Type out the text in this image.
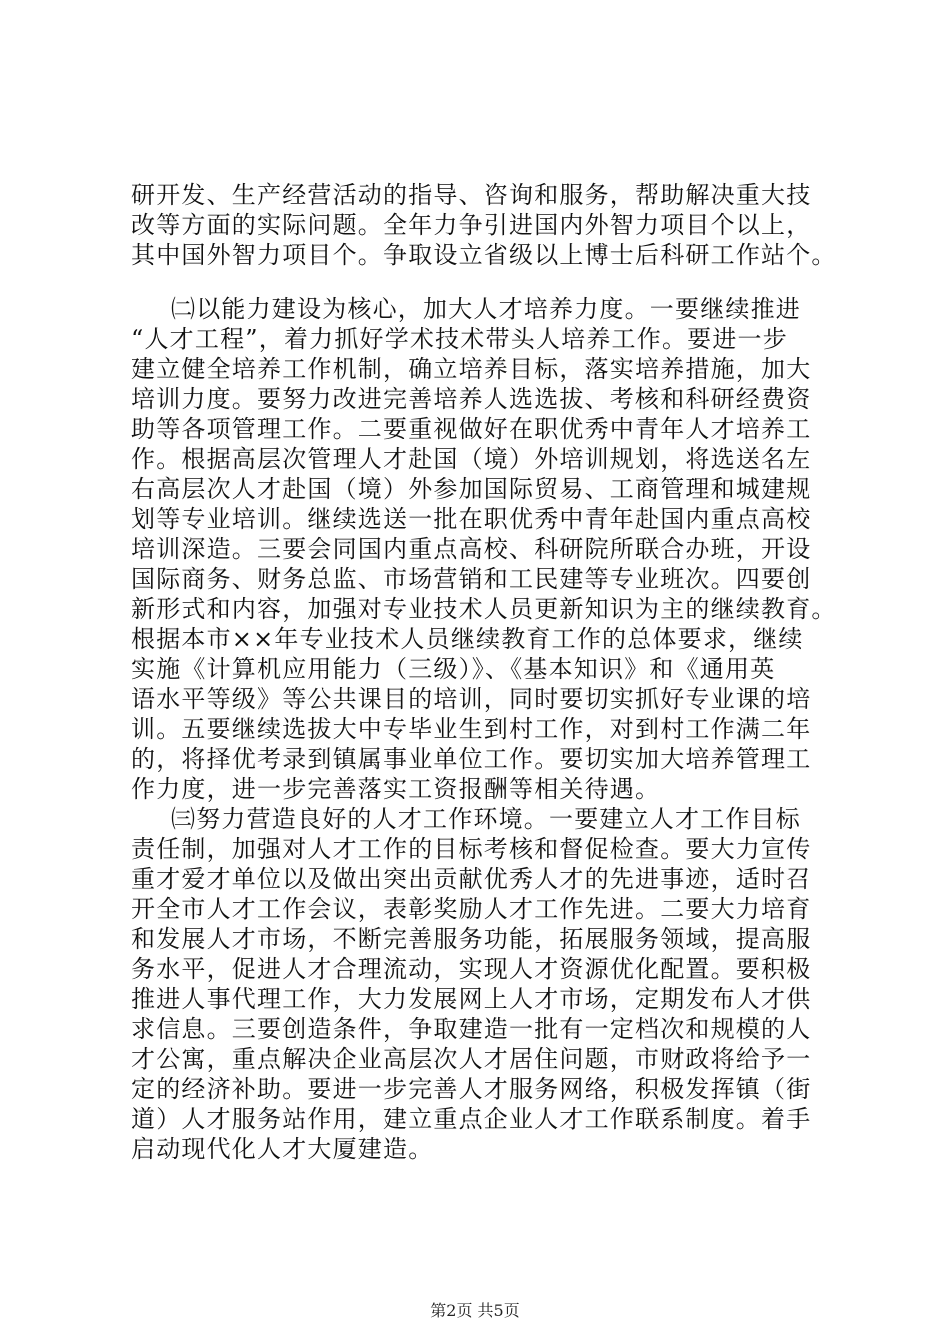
研开发、生产经营活动的指导、咨询和服务，帮助解决重大技
改等方面的实际问题。全年力争引进国内外智力项目个以上，
其中国外智力项目个。争取设立省级以上博士后科研工作站个。
㈡以能力建设为核心，加大人才培养力度。一要继续推进
“人才工程”，着力抓好学术技术带头人培养工作。要进一步
建立健全培养工作机制，确立培养目标，落实培养措施，加大
培训力度。要努力改进完善培养人选选拔、考核和科研经费资
助等各项管理工作。二要重视做好在职优秀中青年人才培养工
作。根据高层次管理人才赴国（境）外培训规划，将选送名左
右高层次人才赴国（境）外参加国际贸易、工商管理和城建规
划等专业培训。继续选送一批在职优秀中青年赴国内重点高校
培训深造。三要会同国内重点高校、科研院所联合办班，开设
国际商务、财务总监、市场营销和工民建等专业班次。四要创
新形式和内容，加强对专业技术人员更新知识为主的继续教育。
根据本市××年专业技术人员继续教育工作的总体要求，继续
实施《计算机应用能力（三级）》、《基本知识》和《通用英
语水平等级》等公共课目的培训，同时要切实抓好专业课的培
训。五要继续选拔大中专毕业生到村工作，对到村工作满二年
的，将择优考录到镇属事业单位工作。要切实加大培养管理工
作力度，进一步完善落实工资报酬等相关待遇。
㈢努力营造良好的人才工作环境。一要建立人才工作目标
责任制，加强对人才工作的目标考核和督促检查。要大力宣传
重才爱才单位以及做出突出贡献优秀人才的先进事迹，适时召
开全市人才工作会议，表彰奖励人才工作先进。二要大力培育
和发展人才市场，不断完善服务功能，拓展服务领域，提高服
务水平，促进人才合理流动，实现人才资源优化配置。要积极
推进人事代理工作，大力发展网上人才市场，定期发布人才供
求信息。三要创造条件，争取建造一批有一定档次和规模的人
才公寓，重点解决企业高层次人才居住问题，市财政将给予一
定的经济补助。要进一步完善人才服务网络，积极发挥镇（街
道）人才服务站作用，建立重点企业人才工作联系制度。着手
启动现代化人才大厦建造。
第2页 共5页
